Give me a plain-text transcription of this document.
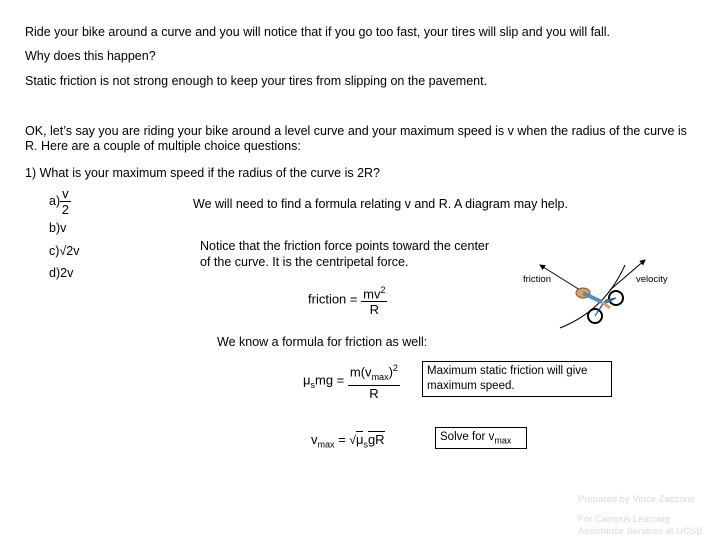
Ride your bike around a curve and you will notice that if you go too fast, your tires will slip and you will fall.
Why does this happen?
Static friction is not strong enough to keep your tires from slipping on the pavement.
OK, let’s say you are riding your bike around a level curve and your maximum speed is v when the radius of the curve is R. Here are a couple of multiple choice questions:
1) What is your maximum speed if the radius of the curve is 2R?
$a) \frac{v}{2}$
b)v
c)√2v
d)2v
We will need to find a formula relating v and R. A diagram may help.
Notice that the friction force points toward the center of the curve. It is the centripetal force.
friction = $\frac{mv^2}{R}$
We know a formula for friction as well:
$\mu_smg = \frac{m(v_{max})^2}{R}$	Maximum static friction will give maximum speed.
$v_{max} = √\mu_sgR$	Solve for $v_{max}$
friction	velocity
Prepared by Vince Zaccone
For Campus Learning
Assistance Services at UCSB
